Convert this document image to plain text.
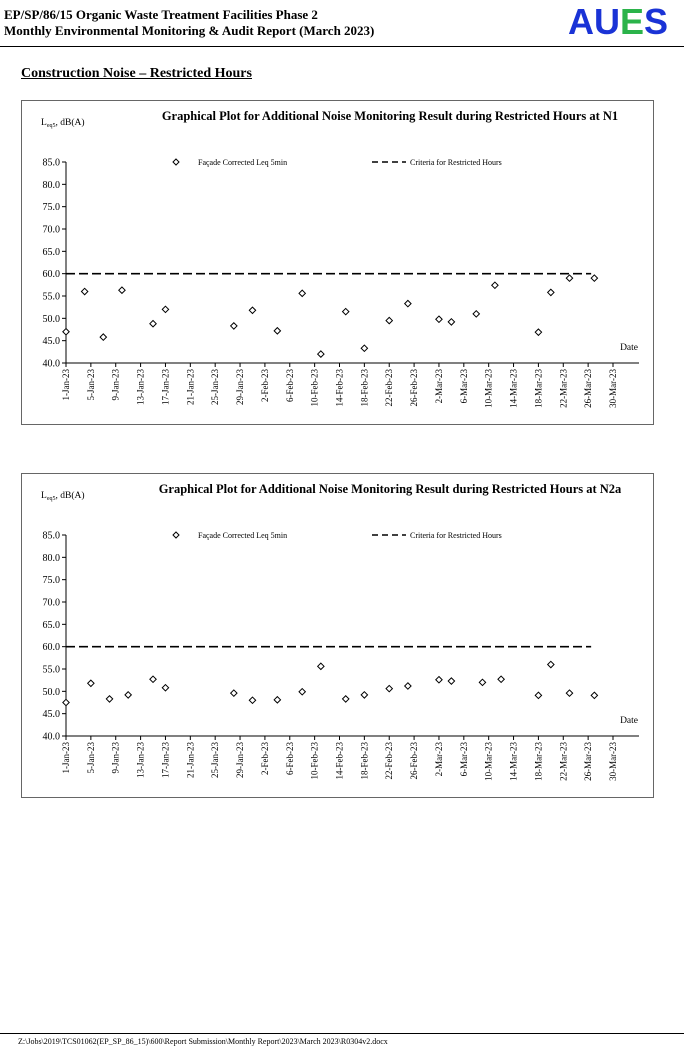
EP/SP/86/15 Organic Waste Treatment Facilities Phase 2
Monthly Environmental Monitoring & Audit Report (March 2023)	AUES
Construction Noise – Restricted Hours
Graphical Plot for Additional Noise Monitoring Result during Restricted Hours at N1
$L_{eq5}$, dB(A)
85.0
80.0
75.0
70.0
65.0
60.0
55.0
50.0
45.0
40.0
1-Jan-23 5-Jan-23 9-Jan-23 13-Jan-23 17-Jan-23 21-Jan-23 25-Jan-23 29-Jan-23 2-Feb-23 6-Feb-23 10-Feb-23 14-Feb-23 18-Feb-23 22-Feb-23 26-Feb-23 2-Mar-23 6-Mar-23 10-Mar-23 14-Mar-23 18-Mar-23 22-Mar-23 26-Mar-23 30-Mar-23
Date
Façade Corrected Leq 5min	Criteria for Restricted Hours
Graphical Plot for Additional Noise Monitoring Result during Restricted Hours at N2a
$L_{eq5}$, dB(A)
85.0
80.0
75.0
70.0
65.0
60.0
55.0
50.0
45.0
40.0
1-Jan-23 5-Jan-23 9-Jan-23 13-Jan-23 17-Jan-23 21-Jan-23 25-Jan-23 29-Jan-23 2-Feb-23 6-Feb-23 10-Feb-23 14-Feb-23 18-Feb-23 22-Feb-23 26-Feb-23 2-Mar-23 6-Mar-23 10-Mar-23 14-Mar-23 18-Mar-23 22-Mar-23 26-Mar-23 30-Mar-23
Date
Façade Corrected Leq 5min	Criteria for Restricted Hours
Z:\Jobs\2019\TCS01062(EP_SP_86_15)\600\Report Submission\Monthly Report\2023\March 2023\R0304v2.docx
